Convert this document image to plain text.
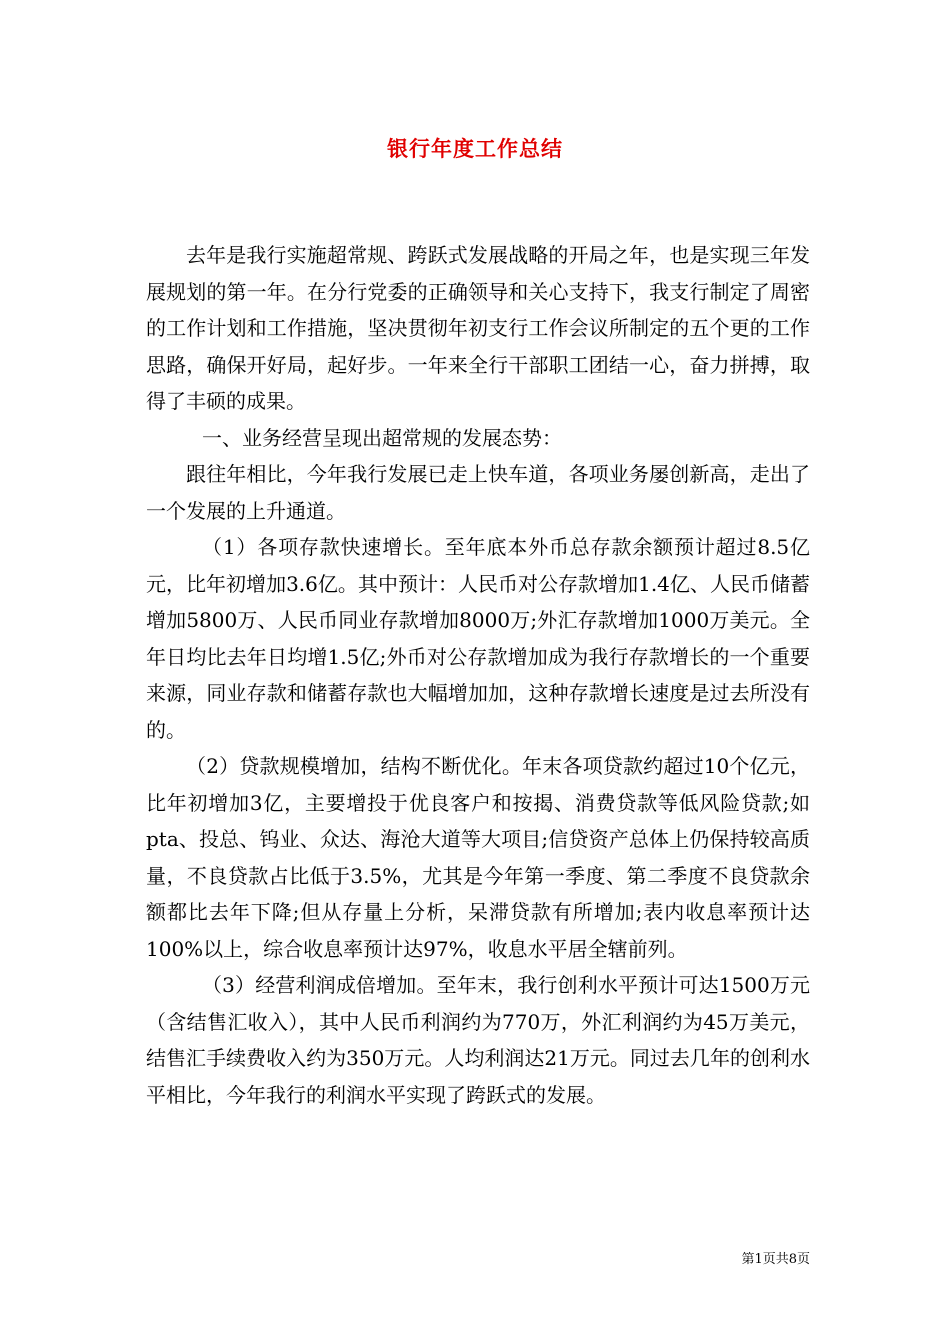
银行年度工作总结

去年是我行实施超常规、跨跃式发展战略的开局之年，也是实现三年发展规划的第一年。在分行党委的正确领导和关心支持下，我支行制定了周密的工作计划和工作措施，坚决贯彻年初支行工作会议所制定的五个更的工作思路，确保开好局，起好步。一年来全行干部职工团结一心，奋力拼搏，取得了丰硕的成果。

一、业务经营呈现出超常规的发展态势：

跟往年相比，今年我行发展已走上快车道，各项业务屡创新高，走出了一个发展的上升通道。

（1）各项存款快速增长。至年底本外币总存款余额预计超过8.5亿元，比年初增加3.6亿。其中预计：人民币对公存款增加1.4亿、人民币储蓄增加5800万、人民币同业存款增加8000万;外汇存款增加1000万美元。全年日均比去年日均增1.5亿;外币对公存款增加成为我行存款增长的一个重要来源，同业存款和储蓄存款也大幅增加加，这种存款增长速度是过去所没有的。

（2）贷款规模增加，结构不断优化。年末各项贷款约超过10个亿元，比年初增加3亿，主要增投于优良客户和按揭、消费贷款等低风险贷款;如pta、投总、钨业、众达、海沧大道等大项目;信贷资产总体上仍保持较高质量，不良贷款占比低于3.5%，尤其是今年第一季度、第二季度不良贷款余额都比去年下降;但从存量上分析，呆滞贷款有所增加;表内收息率预计达100%以上，综合收息率预计达97%，收息水平居全辖前列。

（3）经营利润成倍增加。至年末，我行创利水平预计可达1500万元（含结售汇收入），其中人民币利润约为770万，外汇利润约为45万美元，结售汇手续费收入约为350万元。人均利润达21万元。同过去几年的创利水平相比，今年我行的利润水平实现了跨跃式的发展。

第1页共8页
